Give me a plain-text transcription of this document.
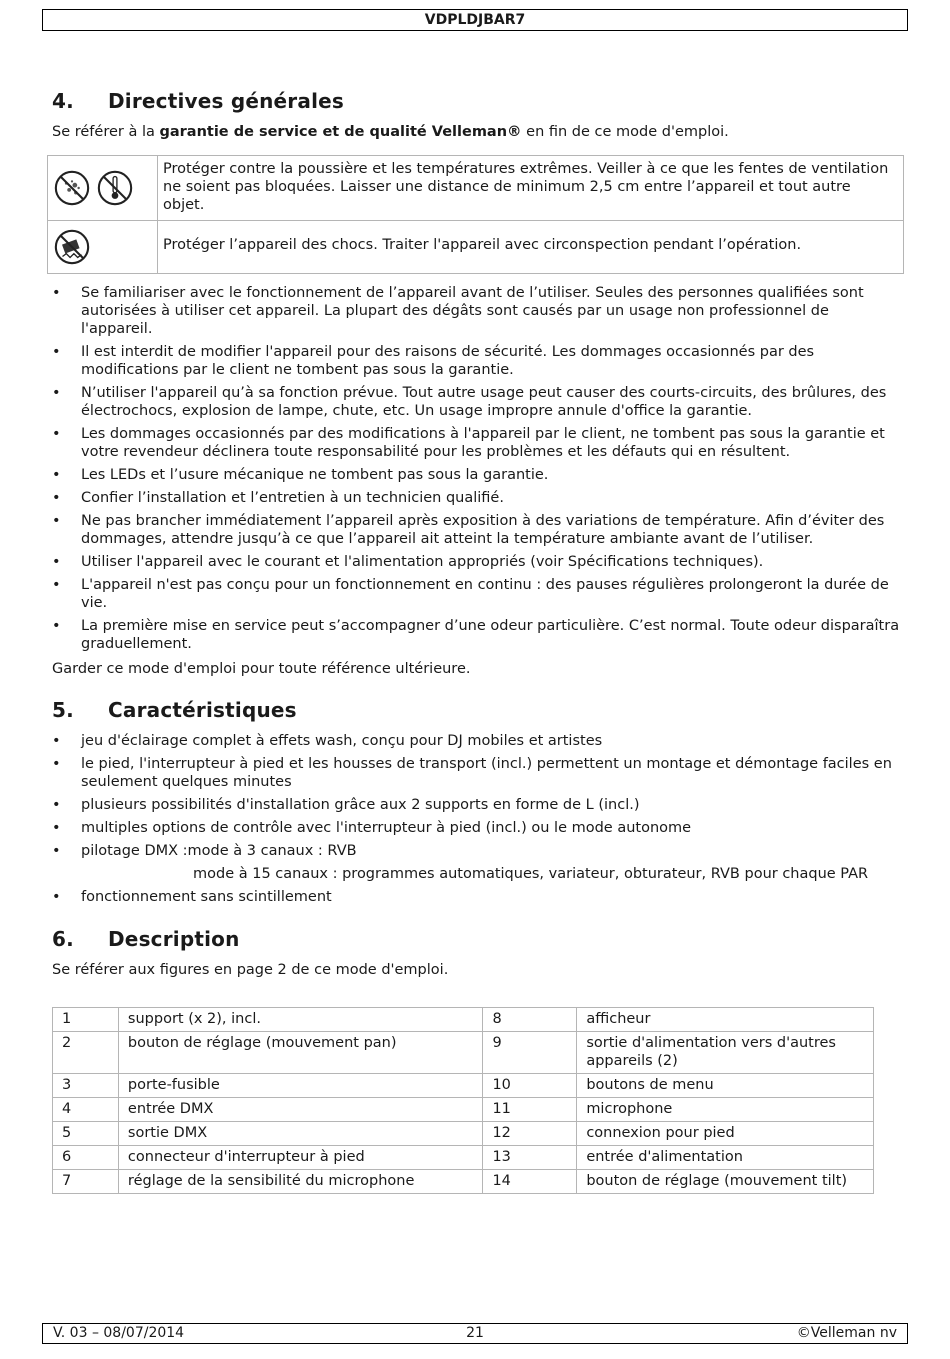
VDPLDJBAR7
4. Directives générales
Se référer à la garantie de service et de qualité Velleman® en fin de ce mode d'emploi.
Protéger contre la poussière et les températures extrêmes. Veiller à ce que les fentes de ventilation ne soient pas bloquées. Laisser une distance de minimum 2,5 cm entre l’appareil et tout autre objet.
Protéger l’appareil des chocs. Traiter l'appareil avec circonspection pendant l’opération.
• Se familiariser avec le fonctionnement de l’appareil avant de l’utiliser. Seules des personnes qualifiées sont autorisées à utiliser cet appareil. La plupart des dégâts sont causés par un usage non professionnel de l'appareil.
• Il est interdit de modifier l'appareil pour des raisons de sécurité. Les dommages occasionnés par des modifications par le client ne tombent pas sous la garantie.
• N’utiliser l'appareil qu’à sa fonction prévue. Tout autre usage peut causer des courts-circuits, des brûlures, des électrochocs, explosion de lampe, chute, etc. Un usage impropre annule d'office la garantie.
• Les dommages occasionnés par des modifications à l'appareil par le client, ne tombent pas sous la garantie et votre revendeur déclinera toute responsabilité pour les problèmes et les défauts qui en résultent.
• Les LEDs et l’usure mécanique ne tombent pas sous la garantie.
• Confier l’installation et l’entretien à un technicien qualifié.
• Ne pas brancher immédiatement l’appareil après exposition à des variations de température. Afin d’éviter des dommages, attendre jusqu’à ce que l’appareil ait atteint la température ambiante avant de l’utiliser.
• Utiliser l'appareil avec le courant et l'alimentation appropriés (voir Spécifications techniques).
• L'appareil n'est pas conçu pour un fonctionnement en continu : des pauses régulières prolongeront la durée de vie.
• La première mise en service peut s’accompagner d’une odeur particulière. C’est normal. Toute odeur disparaîtra graduellement.
Garder ce mode d'emploi pour toute référence ultérieure.
5. Caractéristiques
• jeu d'éclairage complet à effets wash, conçu pour DJ mobiles et artistes
• le pied, l'interrupteur à pied et les housses de transport (incl.) permettent un montage et démontage faciles en seulement quelques minutes
• plusieurs possibilités d'installation grâce aux 2 supports en forme de L (incl.)
• multiples options de contrôle avec l'interrupteur à pied (incl.) ou le mode autonome
• pilotage DMX :mode à 3 canaux : RVB
mode à 15 canaux : programmes automatiques, variateur, obturateur, RVB pour chaque PAR
• fonctionnement sans scintillement
6. Description
Se référer aux figures en page 2 de ce mode d'emploi.
1	support (x 2), incl.	8	afficheur
2	bouton de réglage (mouvement pan)	9	sortie d'alimentation vers d'autres appareils (2)
3	porte-fusible	10	boutons de menu
4	entrée DMX	11	microphone
5	sortie DMX	12	connexion pour pied
6	connecteur d'interrupteur à pied	13	entrée d'alimentation
7	réglage de la sensibilité du microphone	14	bouton de réglage (mouvement tilt)
V. 03 – 08/07/2014	21	©Velleman nv
